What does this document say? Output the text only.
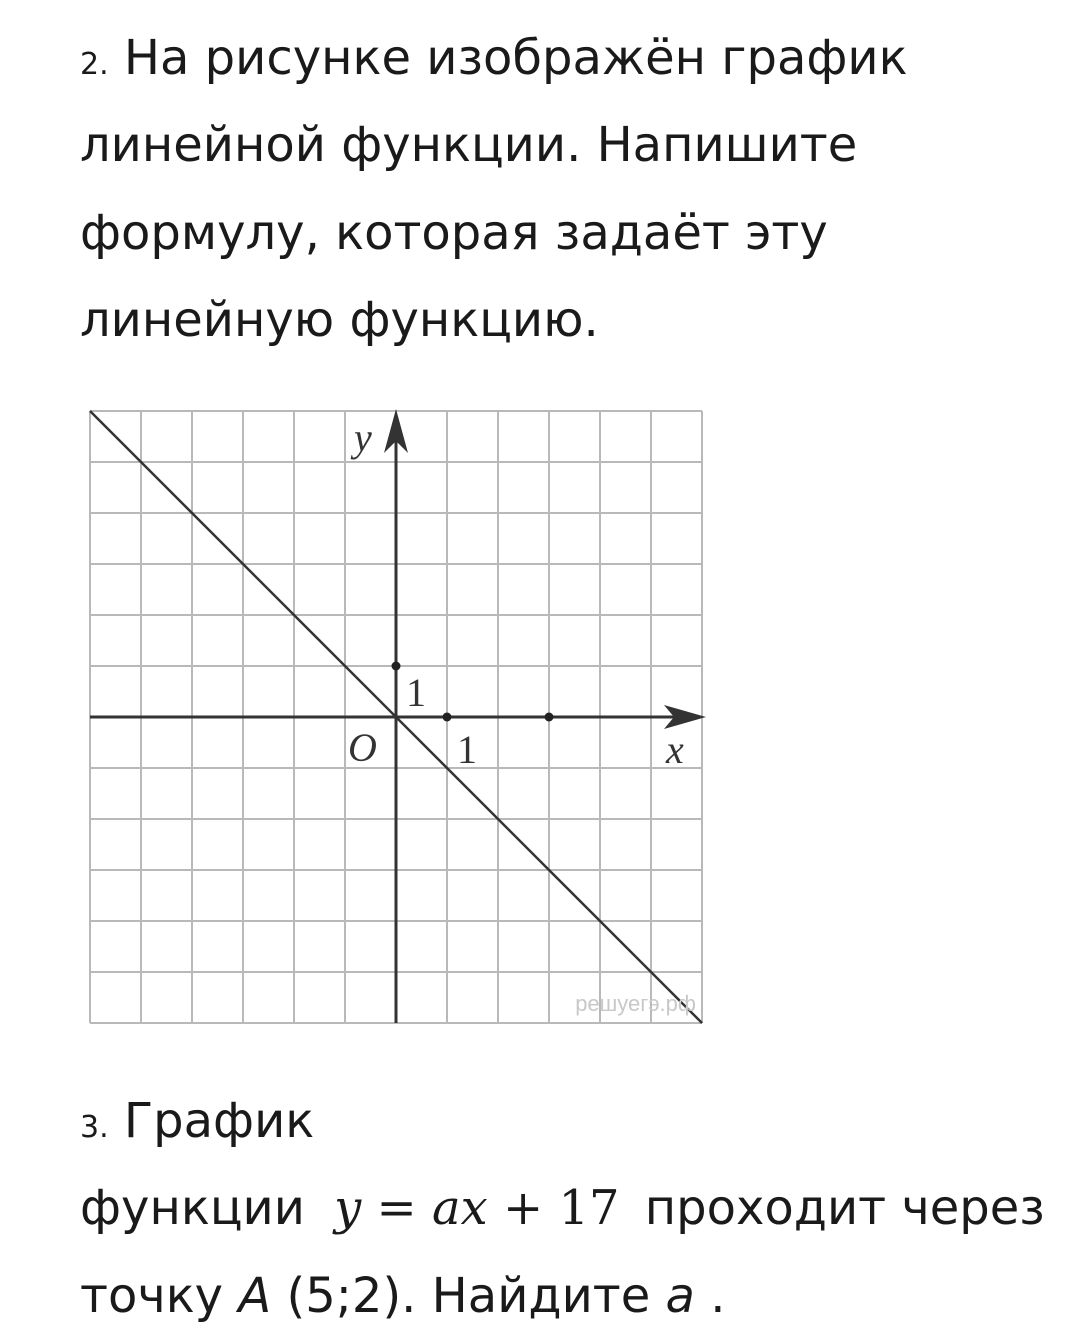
2. На рисунке изображён график
линейной функции. Напишите
формулу, которая задаёт эту
линейную функцию.
y
x
O 1
1
решуегэ.рф
3. График
функции y = ax + 17 проходит через
точку A (5;2). Найдите a .
